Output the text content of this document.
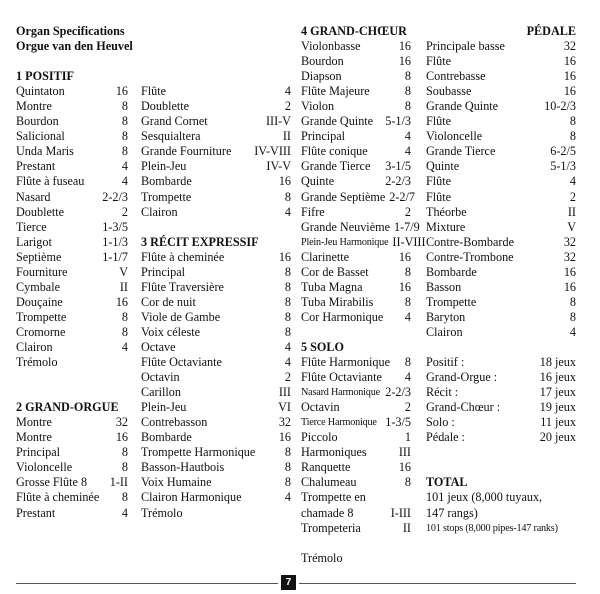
Organ Specifications
Orgue van den Heuvel
1 POSITIF
Quintaton	16
Montre	8
Bourdon	8
Salicional	8
Unda Maris	8
Prestant	4
Flûte à fuseau	4
Nasard	2-2/3
Doublette	2
Tierce	1-3/5
Larigot	1-1/3
Septième	1-1/7
Fourniture	V
Cymbale	II
Douçaine	16
Trompette	8
Cromorne	8
Clairon	4
Trémolo
2 GRAND-ORGUE
Montre	32
Montre	16
Principal	8
Violoncelle	8
Grosse Flûte 8	1-II
Flûte à cheminée	8
Prestant	4
Flûte	4
Doublette	2
Grand Cornet	III-V
Sesquialtera	II
Grande Fourniture	IV-VIII
Plein-Jeu	IV-V
Bombarde	16
Trompette	8
Clairon	4
3 RÉCIT EXPRESSIF
Flûte à cheminée	16
Principal	8
Flûte Traversière	8
Cor de nuit	8
Viole de Gambe	8
Voix céleste	8
Octave	4
Flûte Octaviante	4
Octavin	2
Carillon	III
Plein-Jeu	VI
Contrebasson	32
Bombarde	16
Trompette Harmonique	8
Basson-Hautbois	8
Voix Humaine	8
Clairon Harmonique	4
Trémolo
4 GRAND-CHŒUR
Violonbasse	16
Bourdon	16
Diapson	8
Flûte Majeure	8
Violon	8
Grande Quinte 5-1/3
Principal	4
Flûte conique	4
Grande Tierce	3-1/5
Quinte	2-2/3
Grande Septième 2-2/7
Fifre	2
Grande Neuvième 1-7/9
Plein-Jeu Harmonique II-VIII
Clarinette	16
Cor de Basset	8
Tuba Magna	16
Tuba Mirabilis	8
Cor Harmonique	4
5 SOLO
Flûte Harmonique	8
Flûte Octaviante	4
Nasard Harmonique 2-2/3
Octavin	2
Tierce Harmonique 1-3/5
Piccolo	1
Harmoniques	III
Ranquette	16
Chalumeau	8
Trompette en
chamade 8	I-III
Trompeteria	II
Trémolo
PÉDALE
Principale basse	32
Flûte	16
Contrebasse	16
Soubasse	16
Grande Quinte	10-2/3
Flûte	8
Violoncelle	8
Grande Tierce	6-2/5
Quinte	5-1/3
Flûte	4
Flûte	2
Théorbe	II
Mixture	V
Contre-Bombarde	32
Contre-Trombone	32
Bombarde	16
Basson	16
Trompette	8
Baryton	8
Clairon	4
Positif :	18 jeux
Grand-Orgue :	16 jeux
Récit :	17 jeux
Grand-Chœur :	19 jeux
Solo :	11 jeux
Pédale :	20 jeux
TOTAL
101 jeux (8,000 tuyaux,
147 rangs)
101 stops (8,000 pipes-147 ranks)
7
